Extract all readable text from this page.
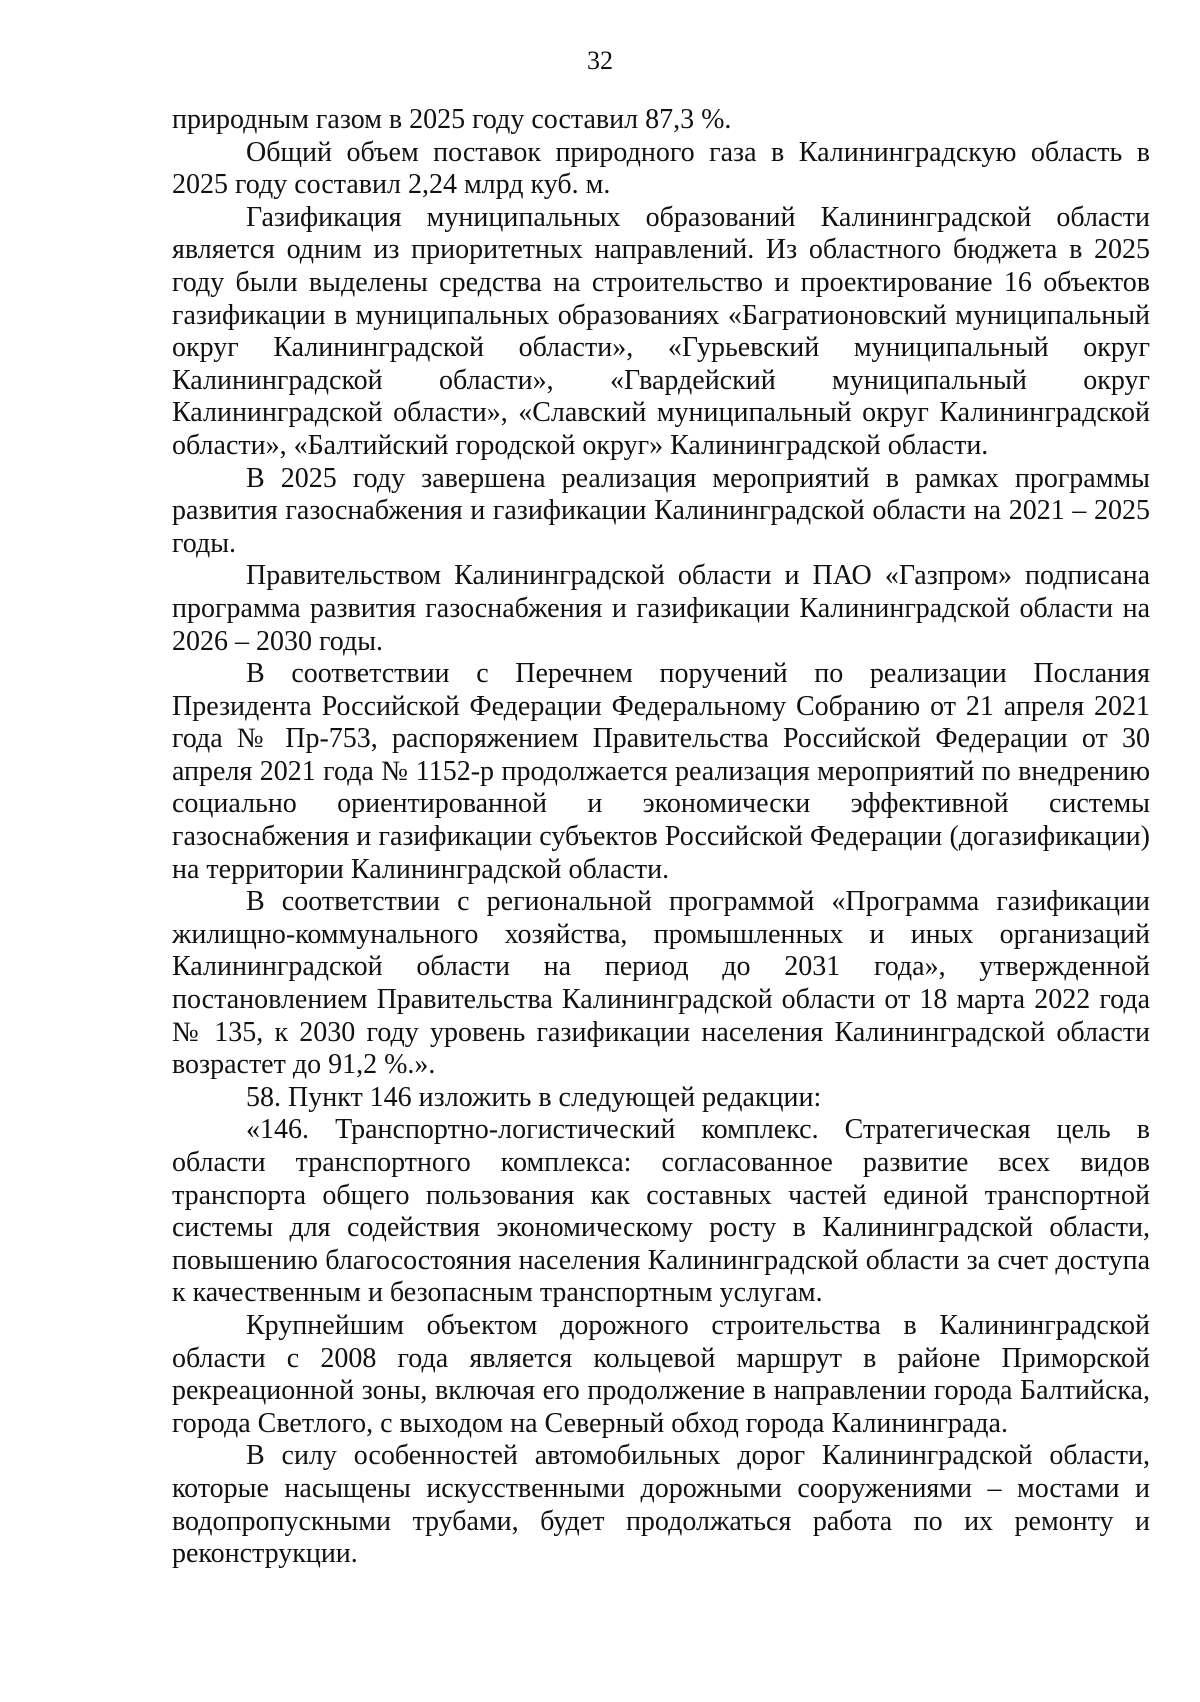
32

природным газом в 2025 году составил 87,3 %.

Общий объем поставок природного газа в Калининградскую область в 2025 году составил 2,24 млрд куб. м.

Газификация муниципальных образований Калининградской области является одним из приоритетных направлений. Из областного бюджета в 2025 году были выделены средства на строительство и проектирование 16 объектов газификации в муниципальных образованиях «Багратионовский муниципальный округ Калининградской области», «Гурьевский муниципальный округ Калининградской области», «Гвардейский муниципальный округ Калининградской области», «Славский муниципальный округ Калининградской области», «Балтийский городской округ» Калининградской области.

В 2025 году завершена реализация мероприятий в рамках программы развития газоснабжения и газификации Калининградской области на 2021 – 2025 годы.

Правительством Калининградской области и ПАО «Газпром» подписана программа развития газоснабжения и газификации Калининградской области на 2026 – 2030 годы.

В соответствии с Перечнем поручений по реализации Послания Президента Российской Федерации Федеральному Собранию от 21 апреля 2021 года № Пр-753, распоряжением Правительства Российской Федерации от 30 апреля 2021 года № 1152-р продолжается реализация мероприятий по внедрению социально ориентированной и экономически эффективной системы газоснабжения и газификации субъектов Российской Федерации (догазификации) на территории Калининградской области.

В соответствии с региональной программой «Программа газификации жилищно-коммунального хозяйства, промышленных и иных организаций Калининградской области на период до 2031 года», утвержденной постановлением Правительства Калининградской области от 18 марта 2022 года № 135, к 2030 году уровень газификации населения Калининградской области возрастет до 91,2 %.».

58. Пункт 146 изложить в следующей редакции:

«146. Транспортно-логистический комплекс. Стратегическая цель в области транспортного комплекса: согласованное развитие всех видов транспорта общего пользования как составных частей единой транспортной системы для содействия экономическому росту в Калининградской области, повышению благосостояния населения Калининградской области за счет доступа к качественным и безопасным транспортным услугам.

Крупнейшим объектом дорожного строительства в Калининградской области с 2008 года является кольцевой маршрут в районе Приморской рекреационной зоны, включая его продолжение в направлении города Балтийска, города Светлого, с выходом на Северный обход города Калининграда.

В силу особенностей автомобильных дорог Калининградской области, которые насыщены искусственными дорожными сооружениями – мостами и водопропускными трубами, будет продолжаться работа по их ремонту и реконструкции.
